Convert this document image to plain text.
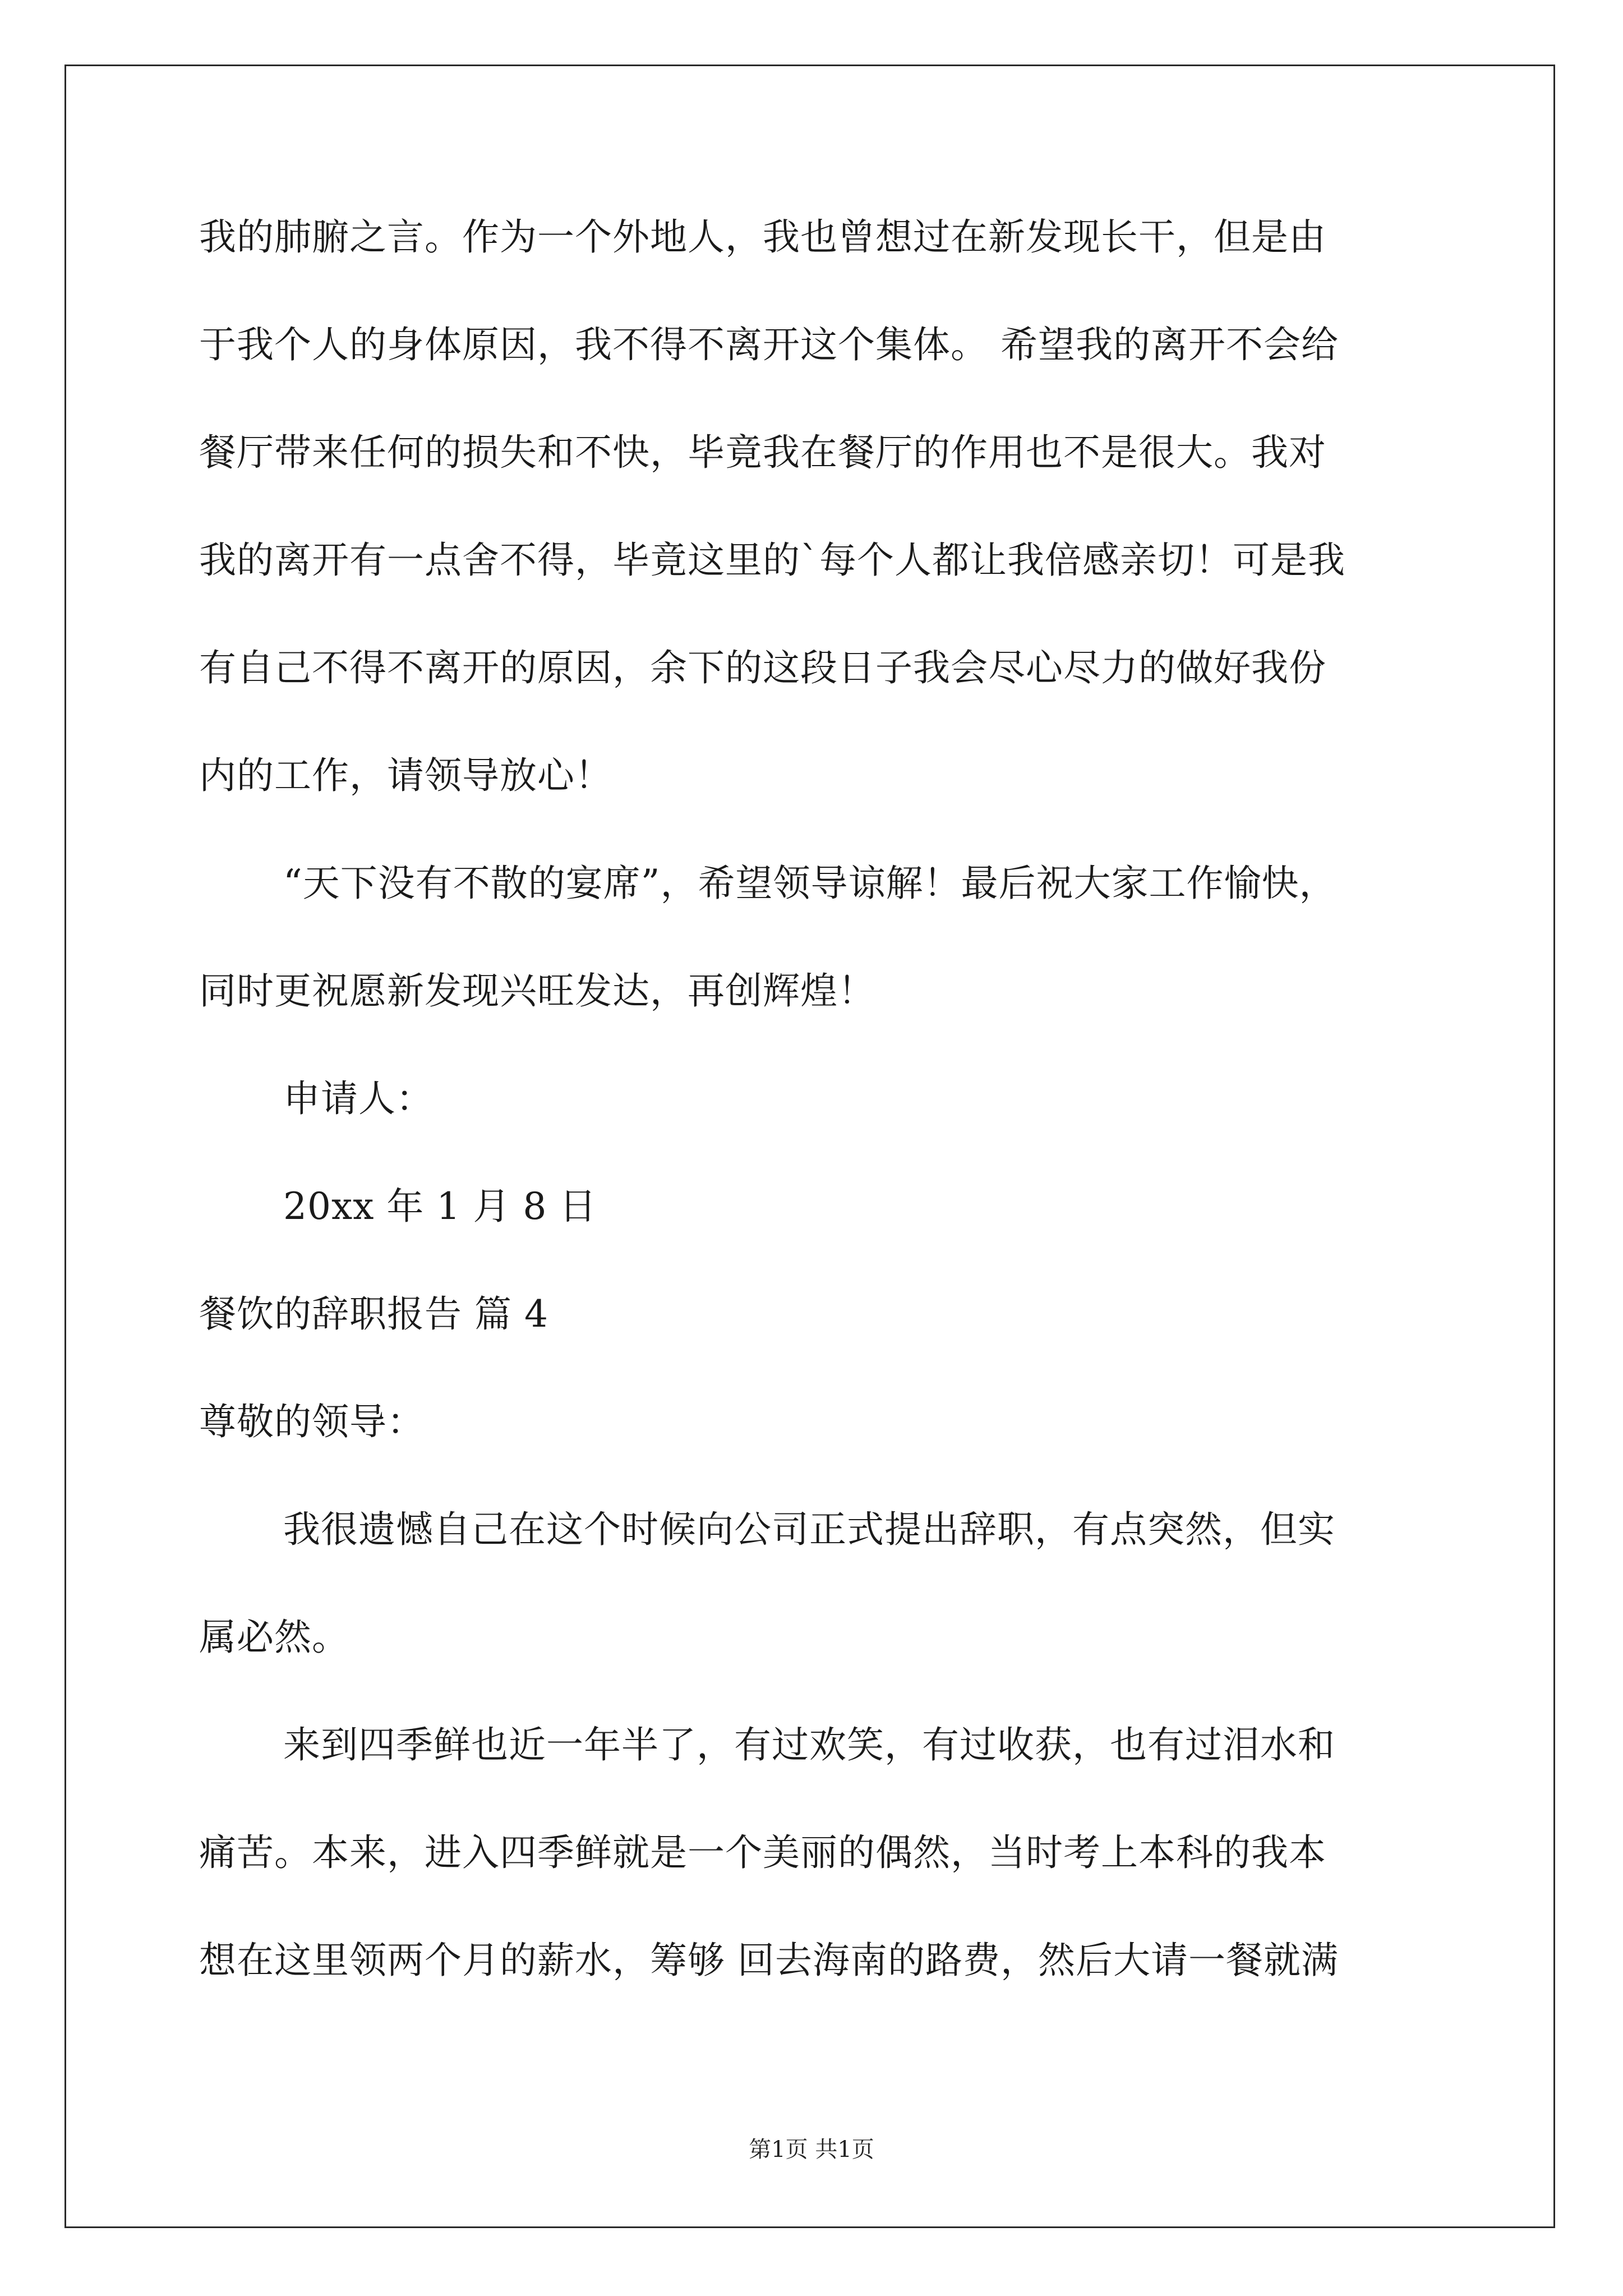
我的肺腑之言。作为一个外地人，我也曾想过在新发现长干，但是由
于我个人的身体原因，我不得不离开这个集体。 希望我的离开不会给
餐厅带来任何的损失和不快，毕竟我在餐厅的作用也不是很大。我对
我的离开有一点舍不得，毕竟这里的`每个人都让我倍感亲切！可是我
有自己不得不离开的原因，余下的这段日子我会尽心尽力的做好我份
内的工作，请领导放心！
“天下没有不散的宴席”，希望领导谅解！最后祝大家工作愉快，
同时更祝愿新发现兴旺发达，再创辉煌！
申请人：
20xx 年 1 月 8 日
餐饮的辞职报告 篇 4
尊敬的领导：
我很遗憾自己在这个时候向公司正式提出辞职，有点突然，但实
属必然。
来到四季鲜也近一年半了，有过欢笑，有过收获，也有过泪水和
痛苦。本来，进入四季鲜就是一个美丽的偶然，当时考上本科的我本
想在这里领两个月的薪水，筹够 回去海南的路费，然后大请一餐就满
第1页 共1页
